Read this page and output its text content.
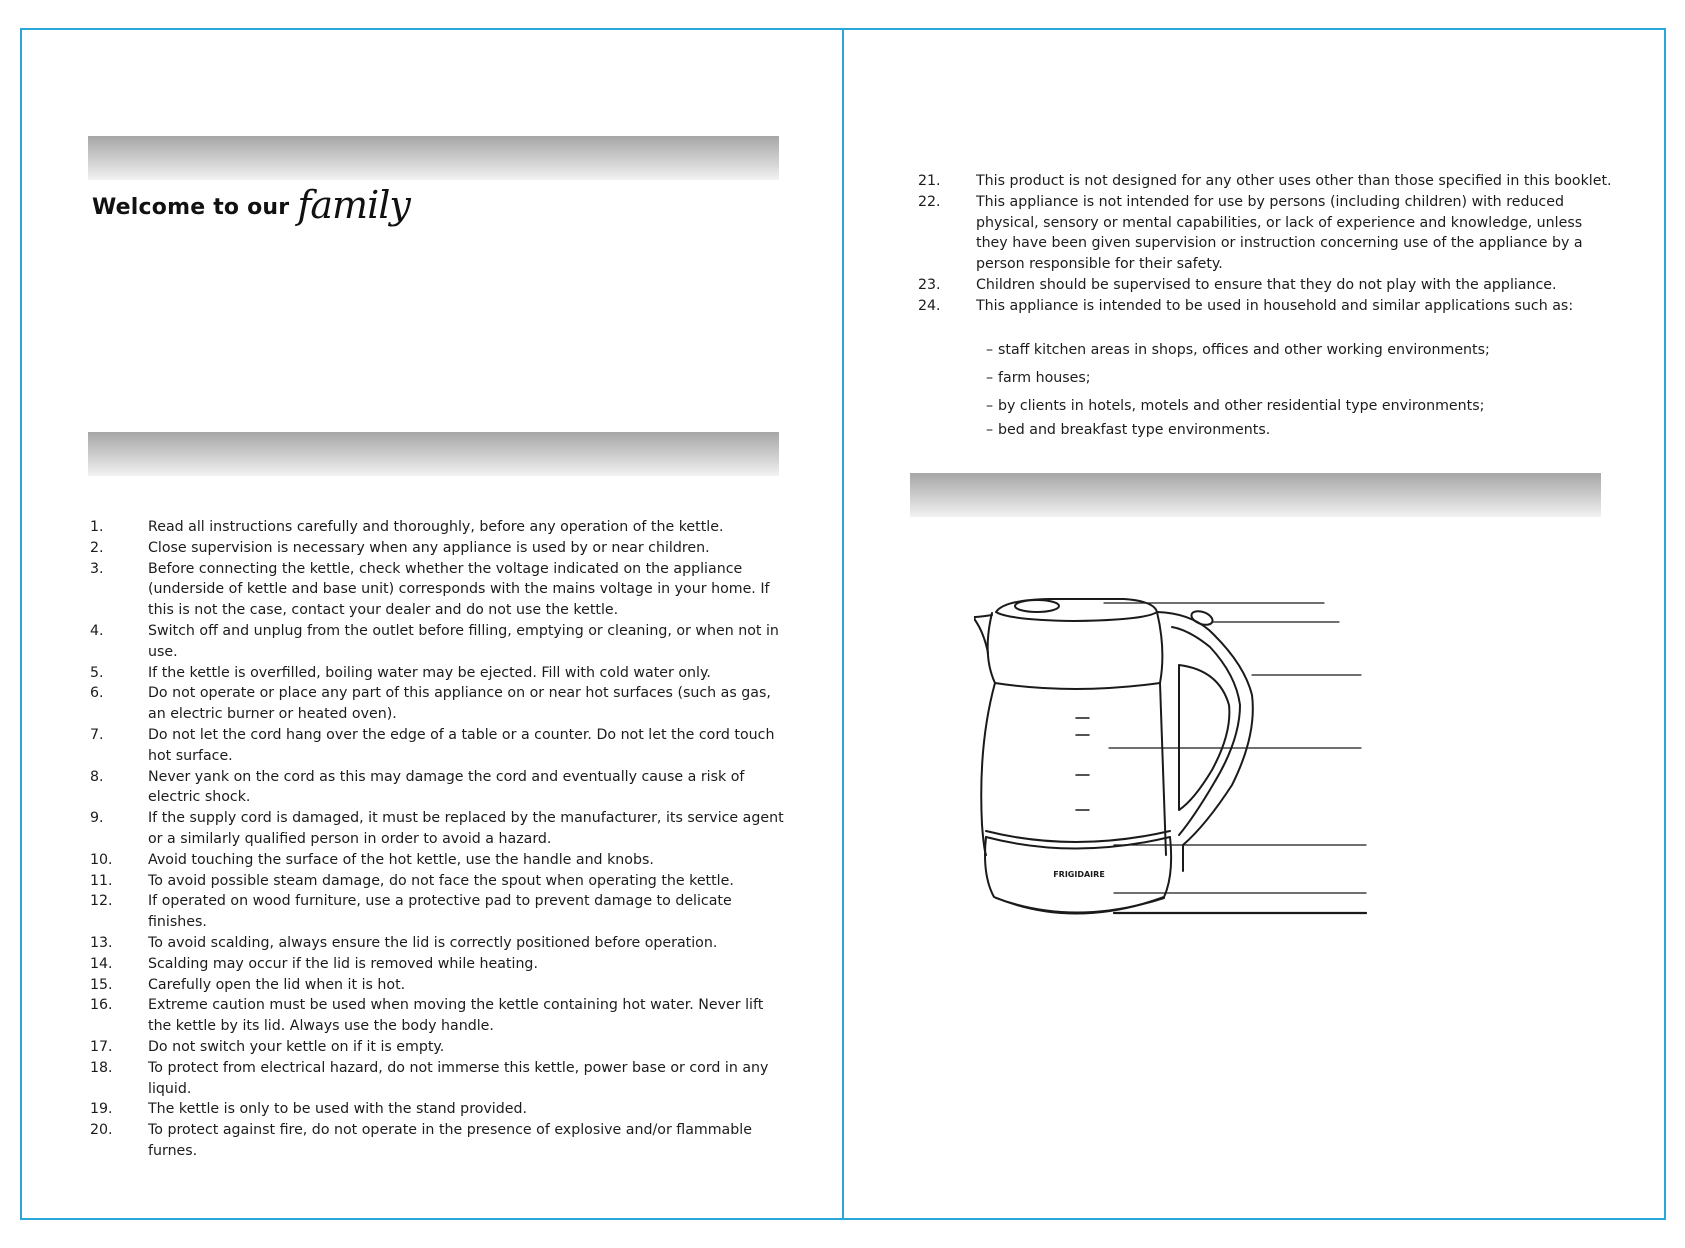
Welcome to our family
1.	Read all instructions carefully and thoroughly, before any operation of the kettle.
2.	Close supervision is necessary when any appliance is used by or near children.
3.	Before connecting the kettle, check whether the voltage indicated on the appliance (underside of kettle and base unit) corresponds with the mains voltage in your home. If this is not the case, contact your dealer and do not use the kettle.
4.	Switch off and unplug from the outlet before filling, emptying or cleaning, or when not in use.
5.	If the kettle is overfilled, boiling water may be ejected. Fill with cold water only.
6.	Do not operate or place any part of this appliance on or near hot surfaces (such as gas, an electric burner or heated oven).
7.	Do not let the cord hang over the edge of a table or a counter. Do not let the cord touch hot surface.
8.	Never yank on the cord as this may damage the cord and eventually cause a risk of electric shock.
9.	If the supply cord is damaged, it must be replaced by the manufacturer, its service agent or a similarly qualified person in order to avoid a hazard.
10.	Avoid touching the surface of the hot kettle, use the handle and knobs.
11.	To avoid possible steam damage, do not face the spout when operating the kettle.
12.	If operated on wood furniture, use a protective pad to prevent damage to delicate finishes.
13.	To avoid scalding, always ensure the lid is correctly positioned before operation.
14.	Scalding may occur if the lid is removed while heating.
15.	Carefully open the lid when it is hot.
16.	Extreme caution must be used when moving the kettle containing hot water. Never lift the kettle by its lid. Always use the body handle.
17.	Do not switch your kettle on if it is empty.
18.	To protect from electrical hazard, do not immerse this kettle, power base or cord in any liquid.
19.	The kettle is only to be used with the stand provided.
20.	To protect against fire, do not operate in the presence of explosive and/or flammable furnes.
21.	This product is not designed for any other uses other than those specified in this booklet.
22.	This appliance is not intended for use by persons (including children) with reduced physical, sensory or mental capabilities, or lack of experience and knowledge, unless they have been given supervision or instruction concerning use of the appliance by a person responsible for their safety.
23.	Children should be supervised to ensure that they do not play with the appliance.
24.	This appliance is intended to be used in household and similar applications such as:
– staff kitchen areas in shops, offices and other working environments;
– farm houses;
– by clients in hotels, motels and other residential type environments;
– bed and breakfast type environments.
FRIGIDAIRE
